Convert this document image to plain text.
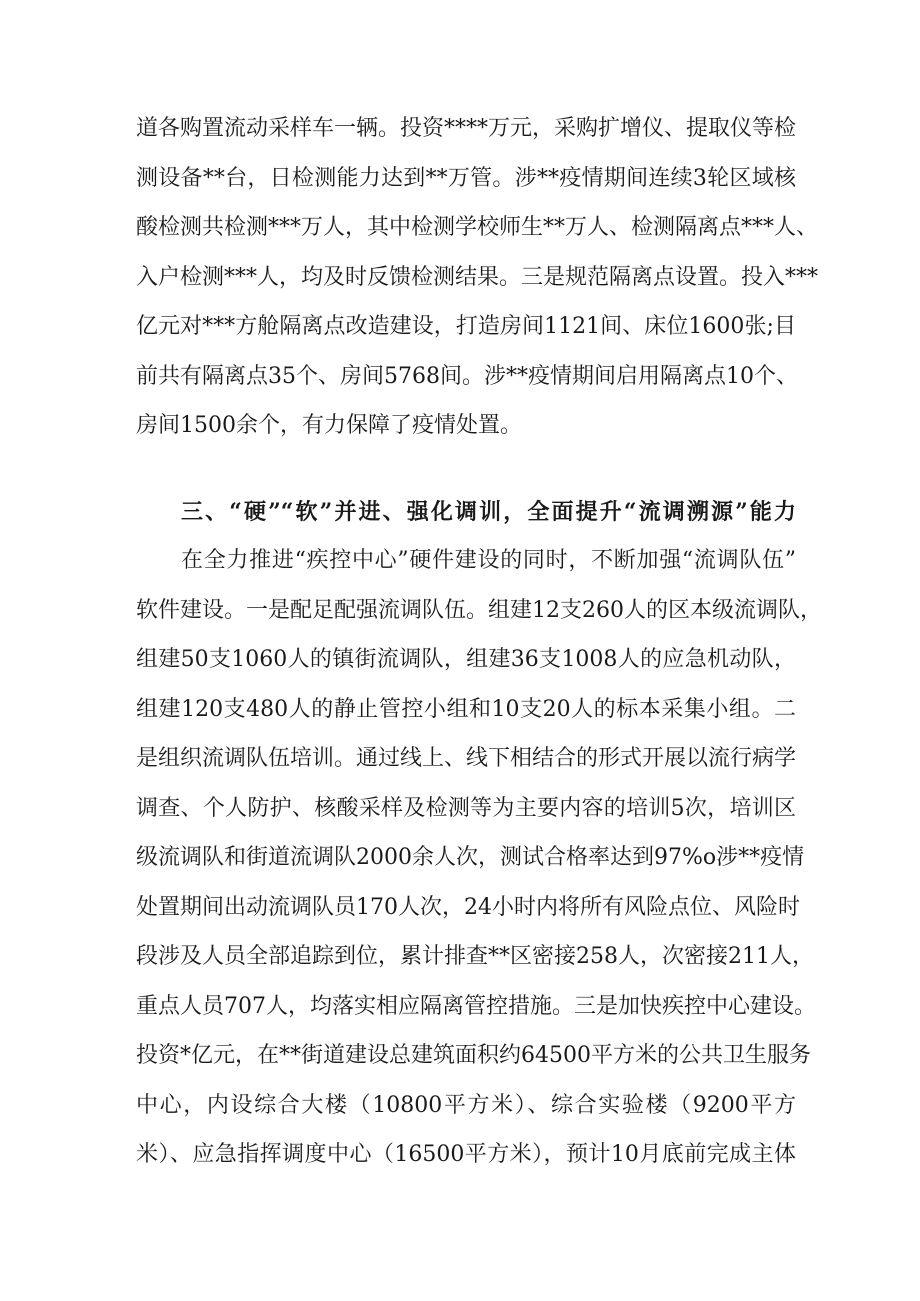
道各购置流动采样车一辆。投资****万元，采购扩增仪、提取仪等检
测设备**台，日检测能力达到**万管。涉**疫情期间连续3轮区域核
酸检测共检测***万人，其中检测学校师生**万人、检测隔离点***人、
入户检测***人，均及时反馈检测结果。三是规范隔离点设置。投入***
亿元对***方舱隔离点改造建设，打造房间1121间、床位1600张;目
前共有隔离点35个、房间5768间。涉**疫情期间启用隔离点10个、
房间1500余个，有力保障了疫情处置。
三、“硬”“软”并进、强化调训，全面提升“流调溯源”能力
在全力推进“疾控中心”硬件建设的同时，不断加强“流调队伍”
软件建设。一是配足配强流调队伍。组建12支260人的区本级流调队，
组建50支1060人的镇街流调队，组建36支1008人的应急机动队，
组建120支480人的静止管控小组和10支20人的标本采集小组。二
是组织流调队伍培训。通过线上、线下相结合的形式开展以流行病学
调查、个人防护、核酸采样及检测等为主要内容的培训5次，培训区
级流调队和街道流调队2000余人次，测试合格率达到97%o涉**疫情
处置期间出动流调队员170人次，24小时内将所有风险点位、风险时
段涉及人员全部追踪到位，累计排查**区密接258人，次密接211人，
重点人员707人，均落实相应隔离管控措施。三是加快疾控中心建设。
投资*亿元，在**街道建设总建筑面积约64500平方米的公共卫生服务
中心，内设综合大楼（10800平方米）、综合实验楼（9200平方
米）、应急指挥调度中心（16500平方米），预计10月底前完成主体
